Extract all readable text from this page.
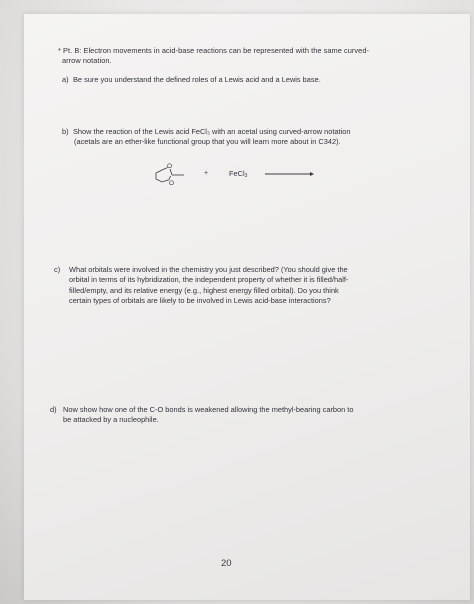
* Pt. B: Electron movements in acid-base reactions can be represented with the same curved-
arrow notation.
a) Be sure you understand the defined roles of a Lewis acid and a Lewis base.
b) Show the reaction of the Lewis acid FeCl₃ with an acetal using curved-arrow notation
(acetals are an ether-like functional group that you will learn more about in C342).
O
O
+	FeCl$_3$ →
c) What orbitals were involved in the chemistry you just described? (You should give the
orbital in terms of its hybridization, the independent property of whether it is filled/half-
filled/empty, and its relative energy (e.g., highest energy filled orbital). Do you think
certain types of orbitals are likely to be involved in Lewis acid-base interactions?
d) Now show how one of the C-O bonds is weakened allowing the methyl-bearing carbon to
be attacked by a nucleophile.
20
